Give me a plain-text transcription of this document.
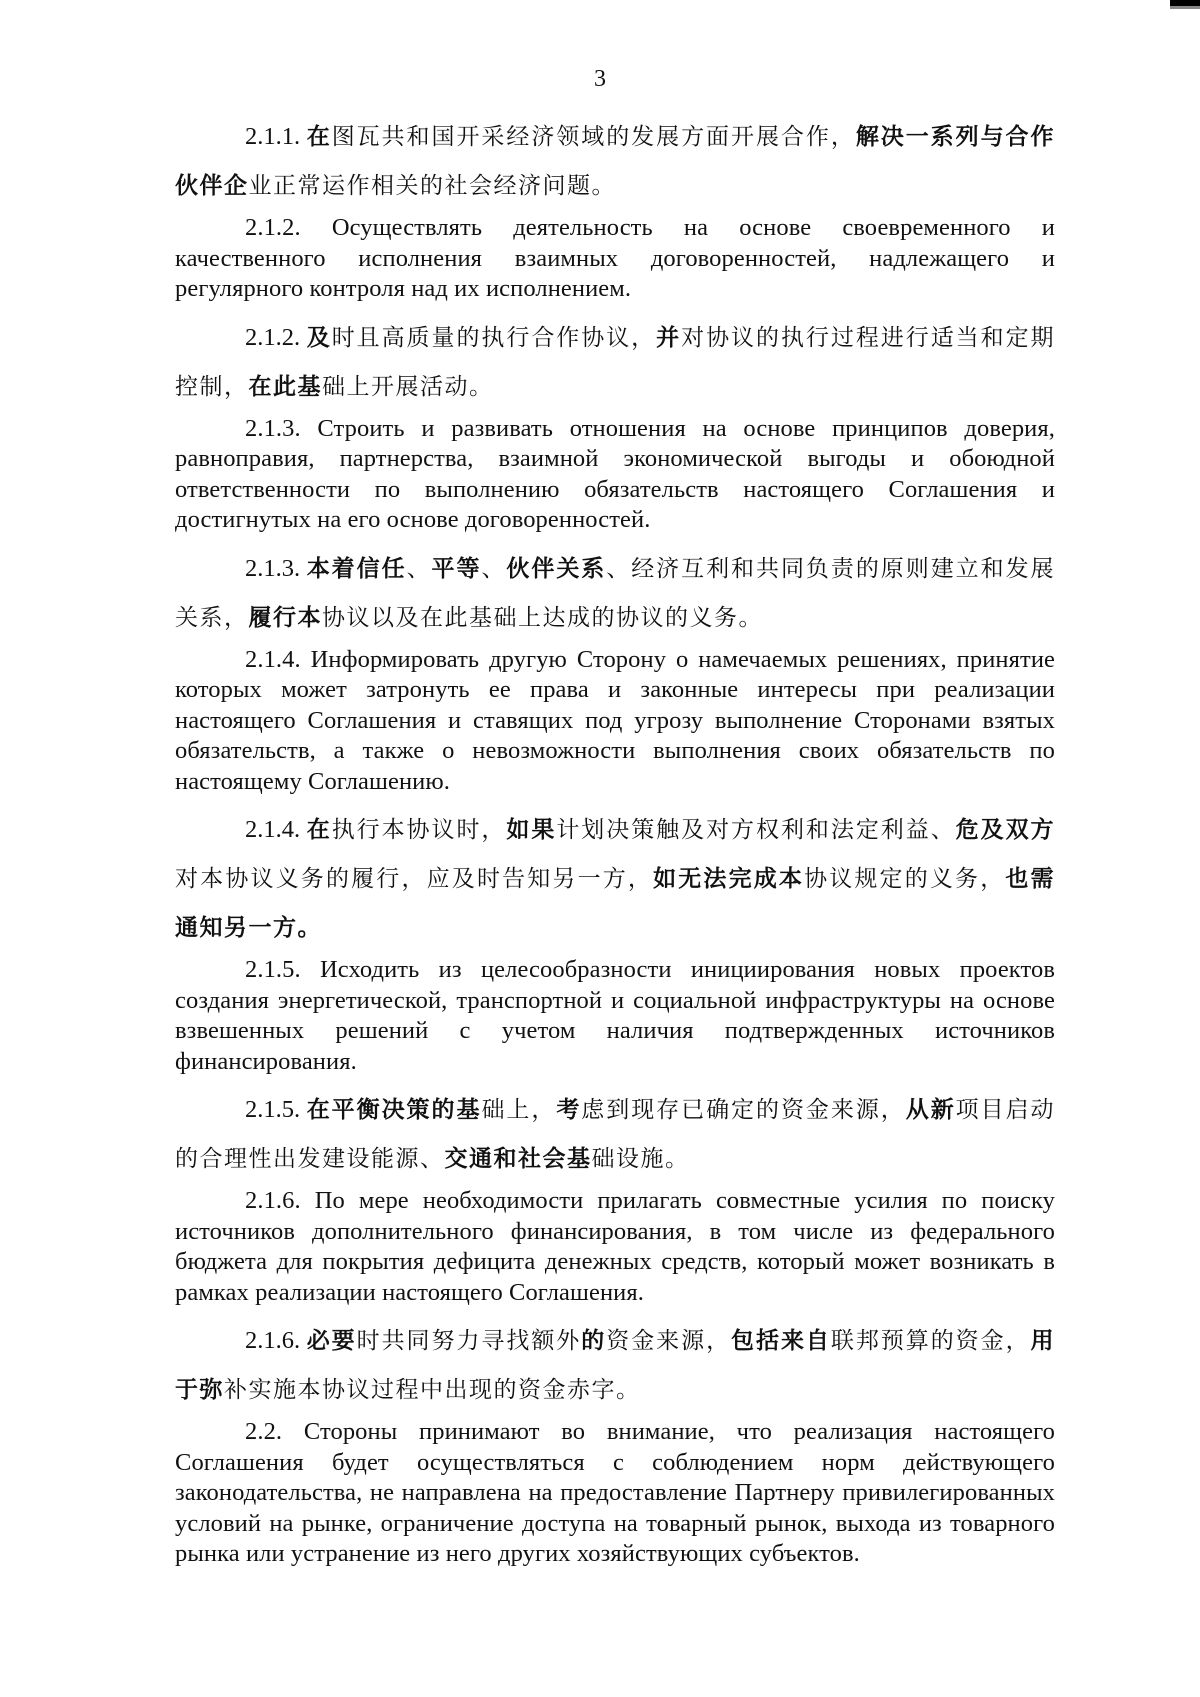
3

2.1.1. 在图瓦共和国开采经济领域的发展方面开展合作，解决一系列与合作伙伴企业正常运作相关的社会经济问题。

2.1.2. Осуществлять деятельность на основе своевременного и качественного исполнения взаимных договоренностей, надлежащего и регулярного контроля над их исполнением.

2.1.2. 及时且高质量的执行合作协议，并对协议的执行过程进行适当和定期控制，在此基础上开展活动。

2.1.3. Строить и развивать отношения на основе принципов доверия, равноправия, партнерства, взаимной экономической выгоды и обоюдной ответственности по выполнению обязательств настоящего Соглашения и достигнутых на его основе договоренностей.

2.1.3. 本着信任、平等、伙伴关系、经济互利和共同负责的原则建立和发展关系，履行本协议以及在此基础上达成的协议的义务。

2.1.4. Информировать другую Сторону о намечаемых решениях, принятие которых может затронуть ее права и законные интересы при реализации настоящего Соглашения и ставящих под угрозу выполнение Сторонами взятых обязательств, а также о невозможности выполнения своих обязательств по настоящему Соглашению.

2.1.4. 在执行本协议时，如果计划决策触及对方权利和法定利益、危及双方对本协议义务的履行，应及时告知另一方，如无法完成本协议规定的义务，也需通知另一方。

2.1.5. Исходить из целесообразности инициирования новых проектов создания энергетической, транспортной и социальной инфраструктуры на основе взвешенных решений с учетом наличия подтвержденных источников финансирования.

2.1.5. 在平衡决策的基础上，考虑到现存已确定的资金来源，从新项目启动的合理性出发建设能源、交通和社会基础设施。

2.1.6. По мере необходимости прилагать совместные усилия по поиску источников дополнительного финансирования, в том числе из федерального бюджета для покрытия дефицита денежных средств, который может возникать в рамках реализации настоящего Соглашения.

2.1.6. 必要时共同努力寻找额外的资金来源，包括来自联邦预算的资金，用于弥补实施本协议过程中出现的资金赤字。

2.2. Стороны принимают во внимание, что реализация настоящего Соглашения будет осуществляться с соблюдением норм действующего законодательства, не направлена на предоставление Партнеру привилегированных условий на рынке, ограничение доступа на товарный рынок, выхода из товарного рынка или устранение из него других хозяйствующих субъектов.
